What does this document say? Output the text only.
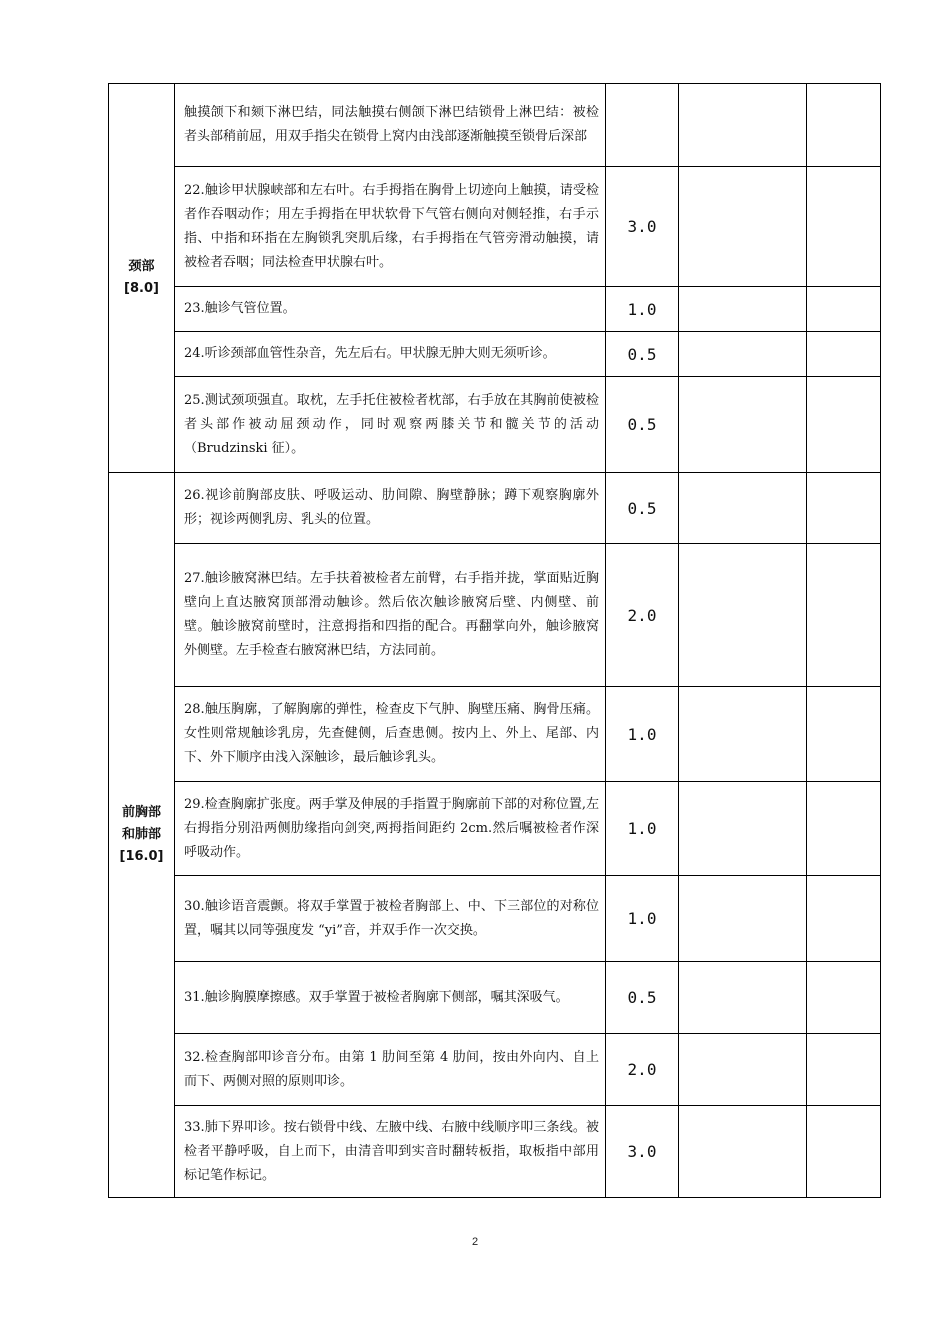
颈部
[8.0]	触摸颌下和颏下淋巴结，同法触摸右侧颌下淋巴结锁骨上淋巴结：被检者头部稍前屈，用双手指尖在锁骨上窝内由浅部逐渐触摸至锁骨后深部			
	22.触诊甲状腺峡部和左右叶。右手拇指在胸骨上切迹向上触摸，请受检者作吞咽动作；用左手拇指在甲状软骨下气管右侧向对侧轻推，右手示指、中指和环指在左胸锁乳突肌后缘，右手拇指在气管旁滑动触摸，请被检者吞咽；同法检查甲状腺右叶。	3.0		
	23.触诊气管位置。	1.0		
	24.听诊颈部血管性杂音，先左后右。甲状腺无肿大则无须听诊。	0.5		
	25.测试颈项强直。取枕，左手托住被检者枕部，右手放在其胸前使被检者头部作被动屈颈动作，同时观察两膝关节和髋关节的活动（Brudzinski 征）。	0.5		

前胸部
和肺部
[16.0]	26.视诊前胸部皮肤、呼吸运动、肋间隙、胸壁静脉；蹲下观察胸廓外形；视诊两侧乳房、乳头的位置。	0.5		
	27.触诊腋窝淋巴结。左手扶着被检者左前臂，右手指并拢，掌面贴近胸壁向上直达腋窝顶部滑动触诊。然后依次触诊腋窝后壁、内侧壁、前壁。触诊腋窝前壁时，注意拇指和四指的配合。再翻掌向外，触诊腋窝外侧壁。左手检查右腋窝淋巴结，方法同前。	2.0		
	28.触压胸廓，了解胸廓的弹性，检查皮下气肿、胸壁压痛、胸骨压痛。女性则常规触诊乳房，先查健侧，后查患侧。按内上、外上、尾部、内下、外下顺序由浅入深触诊，最后触诊乳头。	1.0		
	29.检查胸廓扩张度。两手掌及伸展的手指置于胸廓前下部的对称位置,左右拇指分别沿两侧肋缘指向剑突,两拇指间距约 2cm.然后嘱被检者作深呼吸动作。	1.0		
	30.触诊语音震颤。将双手掌置于被检者胸部上、中、下三部位的对称位置，嘱其以同等强度发 “yi”音，并双手作一次交换。	1.0		
	31.触诊胸膜摩擦感。双手掌置于被检者胸廓下侧部，嘱其深吸气。	0.5		
	32.检查胸部叩诊音分布。由第 1 肋间至第 4 肋间，按由外向内、自上而下、两侧对照的原则叩诊。	2.0		
	33.肺下界叩诊。按右锁骨中线、左腋中线、右腋中线顺序叩三条线。被检者平静呼吸，自上而下，由清音叩到实音时翻转板指，取板指中部用标记笔作标记。	3.0		
2
